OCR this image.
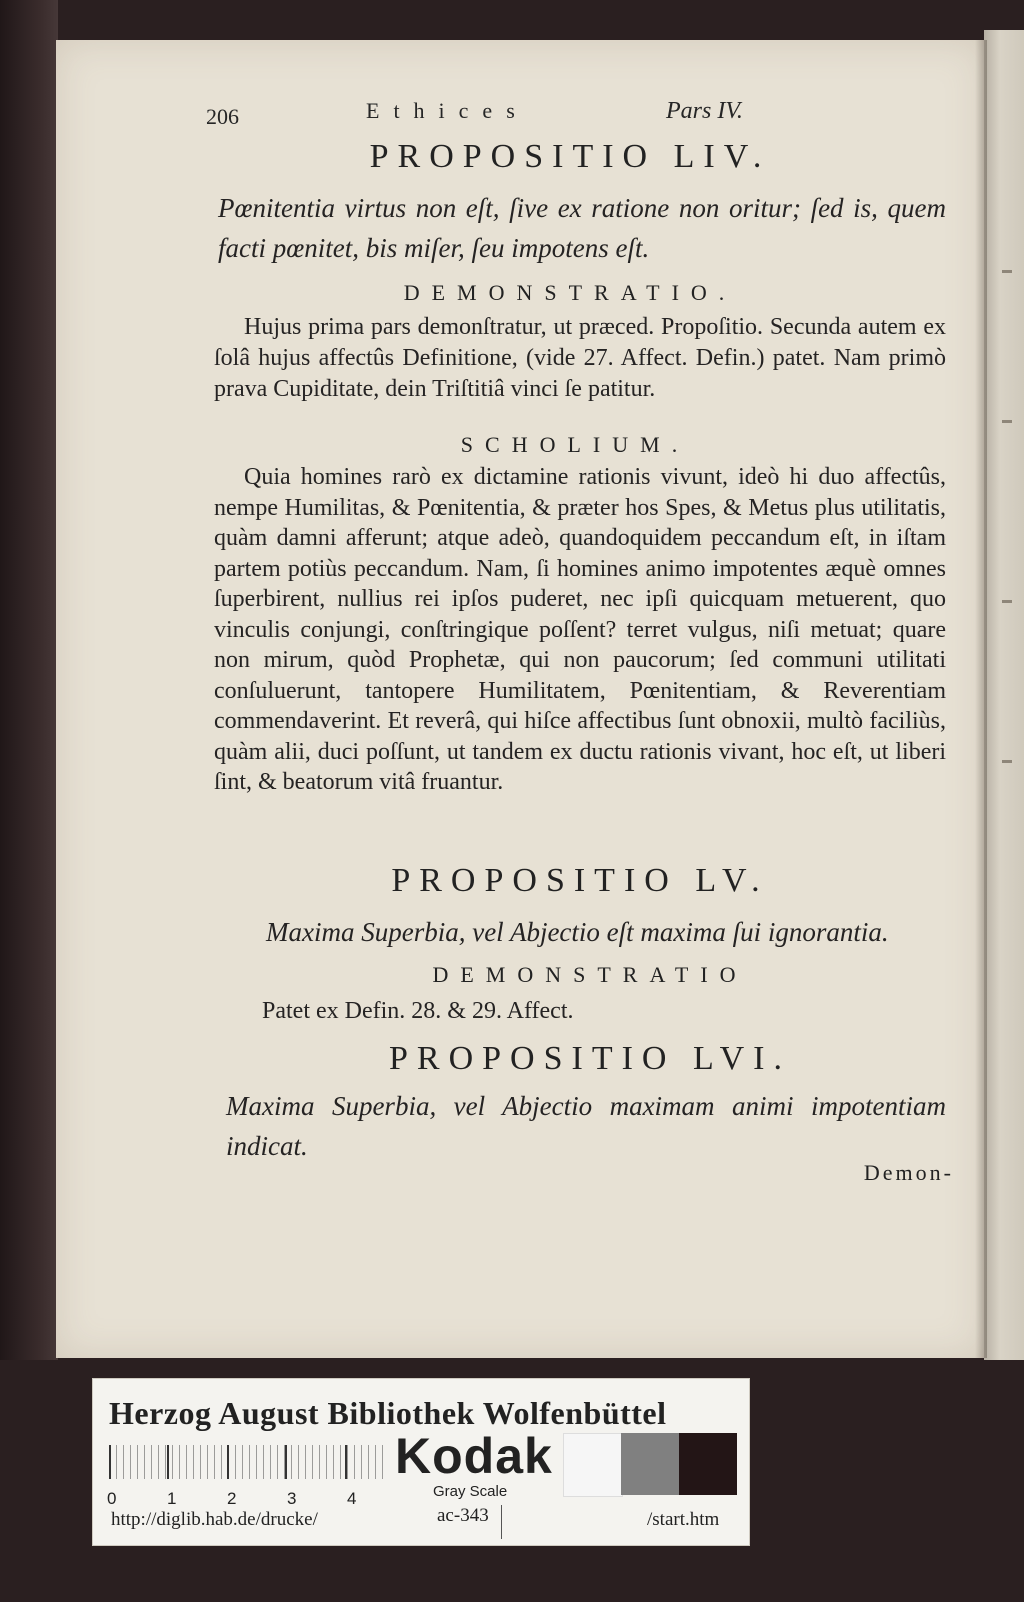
206	Ethices	Pars IV.
PROPOSITIO LIV.
Pœnitentia virtus non eſt, ſive ex ratione non oritur; ſed is, quem facti pœnitet, bis miſer, ſeu impotens eſt.
DEMONSTRATIO.
Hujus prima pars demonſtratur, ut præced. Propoſitio. Secunda autem ex ſolâ hujus affectûs Definitione, (vide 27. Affect. Defin.) patet. Nam primò prava Cupiditate, dein Triſtitiâ vinci ſe patitur.
SCHOLIUM.
Quia homines rarò ex dictamine rationis vivunt, ideò hi duo affectûs, nempe Humilitas, & Pœnitentia, & præter hos Spes, & Metus plus utilitatis, quàm damni afferunt; atque adeò, quandoquidem peccandum eſt, in iſtam partem potiùs peccandum. Nam, ſi homines animo impotentes æquè omnes ſuperbirent, nullius rei ipſos puderet, nec ipſi quicquam metuerent, quo vinculis conjungi, conſtringique poſſent? terret vulgus, niſi metuat; quare non mirum, quòd Prophetæ, qui non paucorum; ſed communi utilitati conſuluerunt, tantopere Humilitatem, Pœnitentiam, & Reverentiam commendaverint. Et reverâ, qui hiſce affectibus ſunt obnoxii, multò faciliùs, quàm alii, duci poſſunt, ut tandem ex ductu rationis vivant, hoc eſt, ut liberi ſint, & beatorum vitâ fruantur.
PROPOSITIO LV.
Maxima Superbia, vel Abjectio eſt maxima ſui ignorantia.
DEMONSTRATIO
Patet ex Defin. 28. & 29. Affect.
PROPOSITIO LVI.
Maxima Superbia, vel Abjectio maximam animi impotentiam indicat.
Demon-
Herzog August Bibliothek Wolfenbüttel
0	1	2	3	4
Kodak
Gray Scale
http://diglib.hab.de/drucke/	ac-343	/start.htm
